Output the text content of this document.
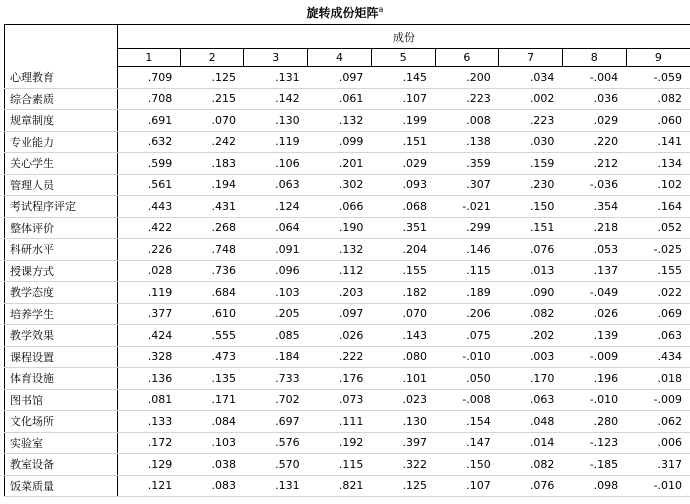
旋转成份矩阵$^a$
	成份								
	1	2	3	4	5	6	7	8	9
心理教育	.709	.125	.131	.097	.145	.200	.034	-.004	-.059
综合素质	.708	.215	.142	.061	.107	.223	.002	.036	.082
规章制度	.691	.070	.130	.132	.199	.008	.223	.029	.060
专业能力	.632	.242	.119	.099	.151	.138	.030	.220	.141
关心学生	.599	.183	.106	.201	.029	.359	.159	.212	.134
管理人员	.561	.194	.063	.302	.093	.307	.230	-.036	.102
考试程序评定	.443	.431	.124	.066	.068	-.021	.150	.354	.164
整体评价	.422	.268	.064	.190	.351	.299	.151	.218	.052
科研水平	.226	.748	.091	.132	.204	.146	.076	.053	-.025
授课方式	.028	.736	.096	.112	.155	.115	.013	.137	.155
教学态度	.119	.684	.103	.203	.182	.189	.090	-.049	.022
培养学生	.377	.610	.205	.097	.070	.206	.082	.026	.069
教学效果	.424	.555	.085	.026	.143	.075	.202	.139	.063
课程设置	.328	.473	.184	.222	.080	-.010	.003	-.009	.434
体育设施	.136	.135	.733	.176	.101	.050	.170	.196	.018
图书馆	.081	.171	.702	.073	.023	-.008	.063	-.010	-.009
文化场所	.133	.084	.697	.111	.130	.154	.048	.280	.062
实验室	.172	.103	.576	.192	.397	.147	.014	-.123	.006
教室设备	.129	.038	.570	.115	.322	.150	.082	-.185	.317
饭菜质量	.121	.083	.131	.821	.125	.107	.076	.098	-.010
